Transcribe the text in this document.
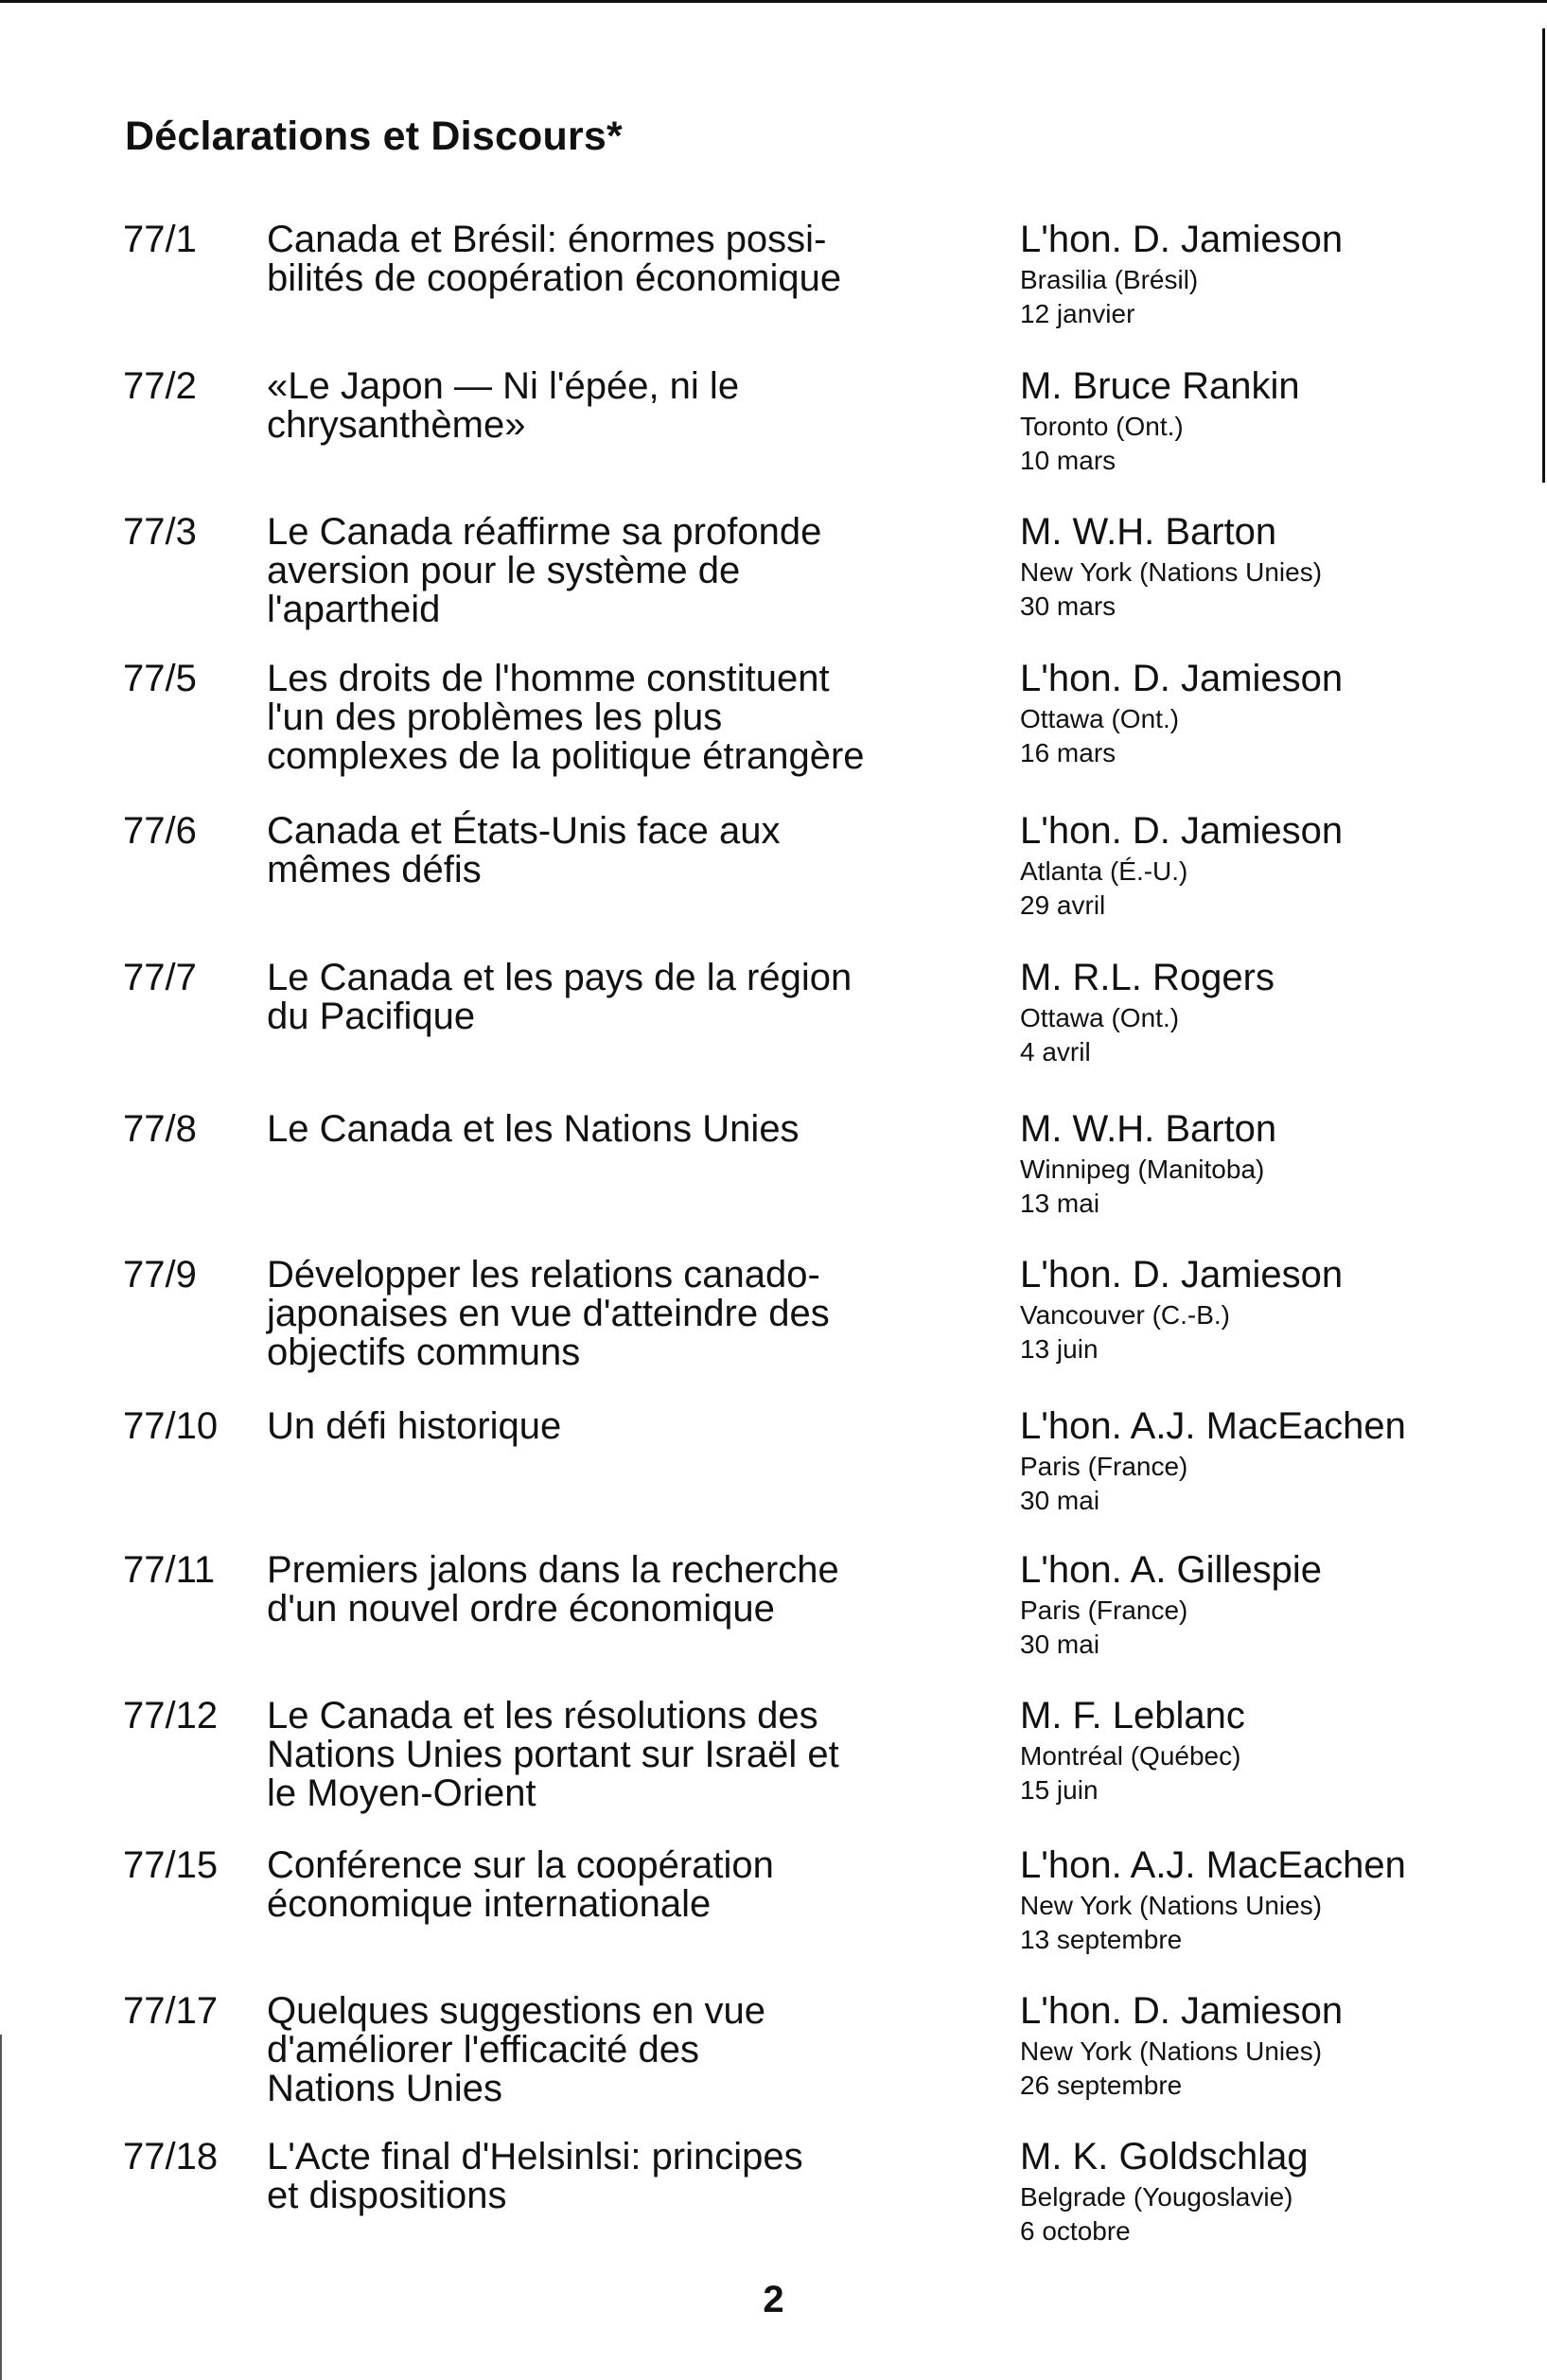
Déclarations et Discours*
77/1 Canada et Brésil: énormes possi-
bilités de coopération économique
L'hon. D. Jamieson
Brasilia (Brésil)
12 janvier
77/2 «Le Japon — Ni l'épée, ni le
chrysanthème»
M. Bruce Rankin
Toronto (Ont.)
10 mars
77/3 Le Canada réaffirme sa profonde
aversion pour le système de
l'apartheid
M. W.H. Barton
New York (Nations Unies)
30 mars
77/5 Les droits de l'homme constituent
l'un des problèmes les plus
complexes de la politique étrangère
L'hon. D. Jamieson
Ottawa (Ont.)
16 mars
77/6 Canada et États-Unis face aux
mêmes défis
L'hon. D. Jamieson
Atlanta (É.-U.)
29 avril
77/7 Le Canada et les pays de la région
du Pacifique
M. R.L. Rogers
Ottawa (Ont.)
4 avril
77/8 Le Canada et les Nations Unies	M. W.H. Barton
Winnipeg (Manitoba)
13 mai
77/9 Développer les relations canado-
japonaises en vue d'atteindre des
objectifs communs
L'hon. D. Jamieson
Vancouver (C.-B.)
13 juin
77/10 Un défi historique	L'hon. A.J. MacEachen
Paris (France)
30 mai
77/11 Premiers jalons dans la recherche
d'un nouvel ordre économique
L'hon. A. Gillespie
Paris (France)
30 mai
77/12 Le Canada et les résolutions des
Nations Unies portant sur Israël et
le Moyen-Orient
M. F. Leblanc
Montréal (Québec)
15 juin
77/15 Conférence sur la coopération
économique internationale
L'hon. A.J. MacEachen
New York (Nations Unies)
13 septembre
77/17 Quelques suggestions en vue
d'améliorer l'efficacité des
Nations Unies
L'hon. D. Jamieson
New York (Nations Unies)
26 septembre
77/18 L'Acte final d'Helsinlsi: principes
et dispositions
M. K. Goldschlag
Belgrade (Yougoslavie)
6 octobre
2
